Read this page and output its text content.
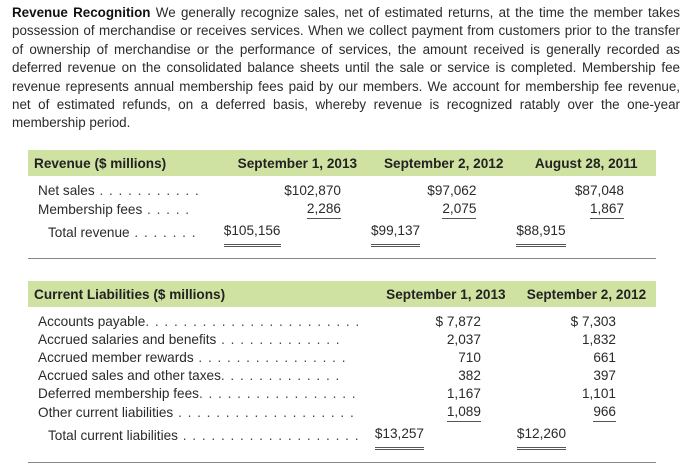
Revenue Recognition We generally recognize sales, net of estimated returns, at the time the member takes possession of merchandise or receives services. When we collect payment from customers prior to the transfer of ownership of merchandise or the performance of services, the amount received is generally recorded as deferred revenue on the consolidated balance sheets until the sale or service is completed. Membership fee revenue represents annual membership fees paid by our members. We account for membership fee revenue, net of estimated refunds, on a deferred basis, whereby revenue is recognized ratably over the one-year membership period.
Revenue ($ millions)	September 1, 2013	September 2, 2012	August 28, 2011

Net sales . . . . . . . . . . .	$102,870	$97,062	$87,048
Membership fees . . . . .	2,286	2,075	1,867
Total revenue . . . . . . .	$105,156	$99,137	$88,915
Current Liabilities ($ millions)	September 1, 2013	September 2, 2012

Accounts payable. . . . . . . . . . . . . . . . . . . . . . .	$ 7,872	$ 7,303
Accrued salaries and benefits . . . . . . . . . . . . .	2,037	1,832
Accrued member rewards . . . . . . . . . . . . . . . .	710	661
Accrued sales and other taxes. . . . . . . . . . . . .	382	397
Deferred membership fees. . . . . . . . . . . . . . . . .	1,167	1,101
Other current liabilities . . . . . . . . . . . . . . . . . . .	1,089	966
Total current liabilities . . . . . . . . . . . . . . . . . . .	$13,257	$12,260
